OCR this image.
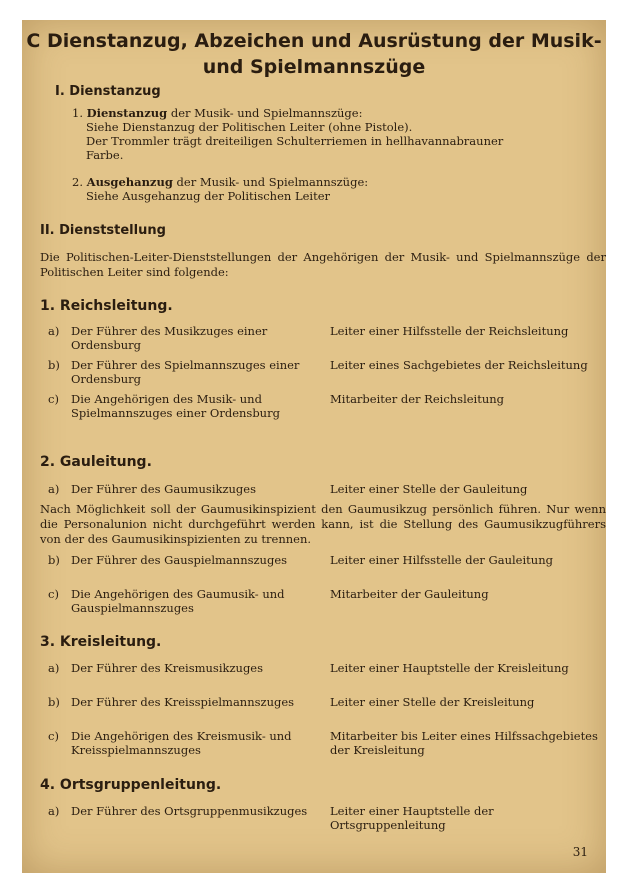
C Dienstanzug, Abzeichen und Ausrüstung der Musik-
und Spielmannszüge
I. Dienstanzug
1. Dienstanzug der Musik- und Spielmannszüge:
Siehe Dienstanzug der Politischen Leiter (ohne Pistole).
Der Trommler trägt dreiteiligen Schulterriemen in hellhavannabrauner
Farbe.
2. Ausgehanzug der Musik- und Spielmannszüge:
Siehe Ausgehanzug der Politischen Leiter
II. Dienststellung
Die Politischen-Leiter-Dienststellungen der Angehörigen der Musik- und Spielmannszüge der Politischen Leiter sind folgende:
1. Reichsleitung.
a)	Der Führer des Musikzuges einer Ordensburg
Leiter einer Hilfsstelle der Reichsleitung
b) Der Führer des Spielmannszuges einer Ordensburg
Leiter eines Sachgebietes der Reichsleitung
c)	Die Angehörigen des Musik- und Spielmannszuges einer Ordensburg
Mitarbeiter der Reichsleitung
2. Gauleitung.
a)	Der Führer des Gaumusikzuges	Leiter einer Stelle der Gauleitung
Nach Möglichkeit soll der Gaumusikinspizient den Gaumusikzug persönlich führen. Nur wenn die Personalunion nicht durchgeführt werden kann, ist die Stellung des Gaumusikzugführers von der des Gaumusikinspizienten zu trennen.
b) Der Führer des Gauspielmannszuges	Leiter einer Hilfsstelle der Gauleitung
c)	Die Angehörigen des Gaumusik- und Gauspielmannszuges
Mitarbeiter der Gauleitung
3. Kreisleitung.
a)	Der Führer des Kreismusikzuges	Leiter einer Hauptstelle der Kreisleitung
b) Der Führer des Kreisspielmannszuges	Leiter einer Stelle der Kreisleitung
c)	Die Angehörigen des Kreismusik- und Kreisspielmannszuges
Mitarbeiter bis Leiter eines Hilfssachgebietes der Kreisleitung
4. Ortsgruppenleitung.
a)	Der Führer des Ortsgruppenmusikzuges	Leiter einer Hauptstelle der Ortsgruppenleitung
31
